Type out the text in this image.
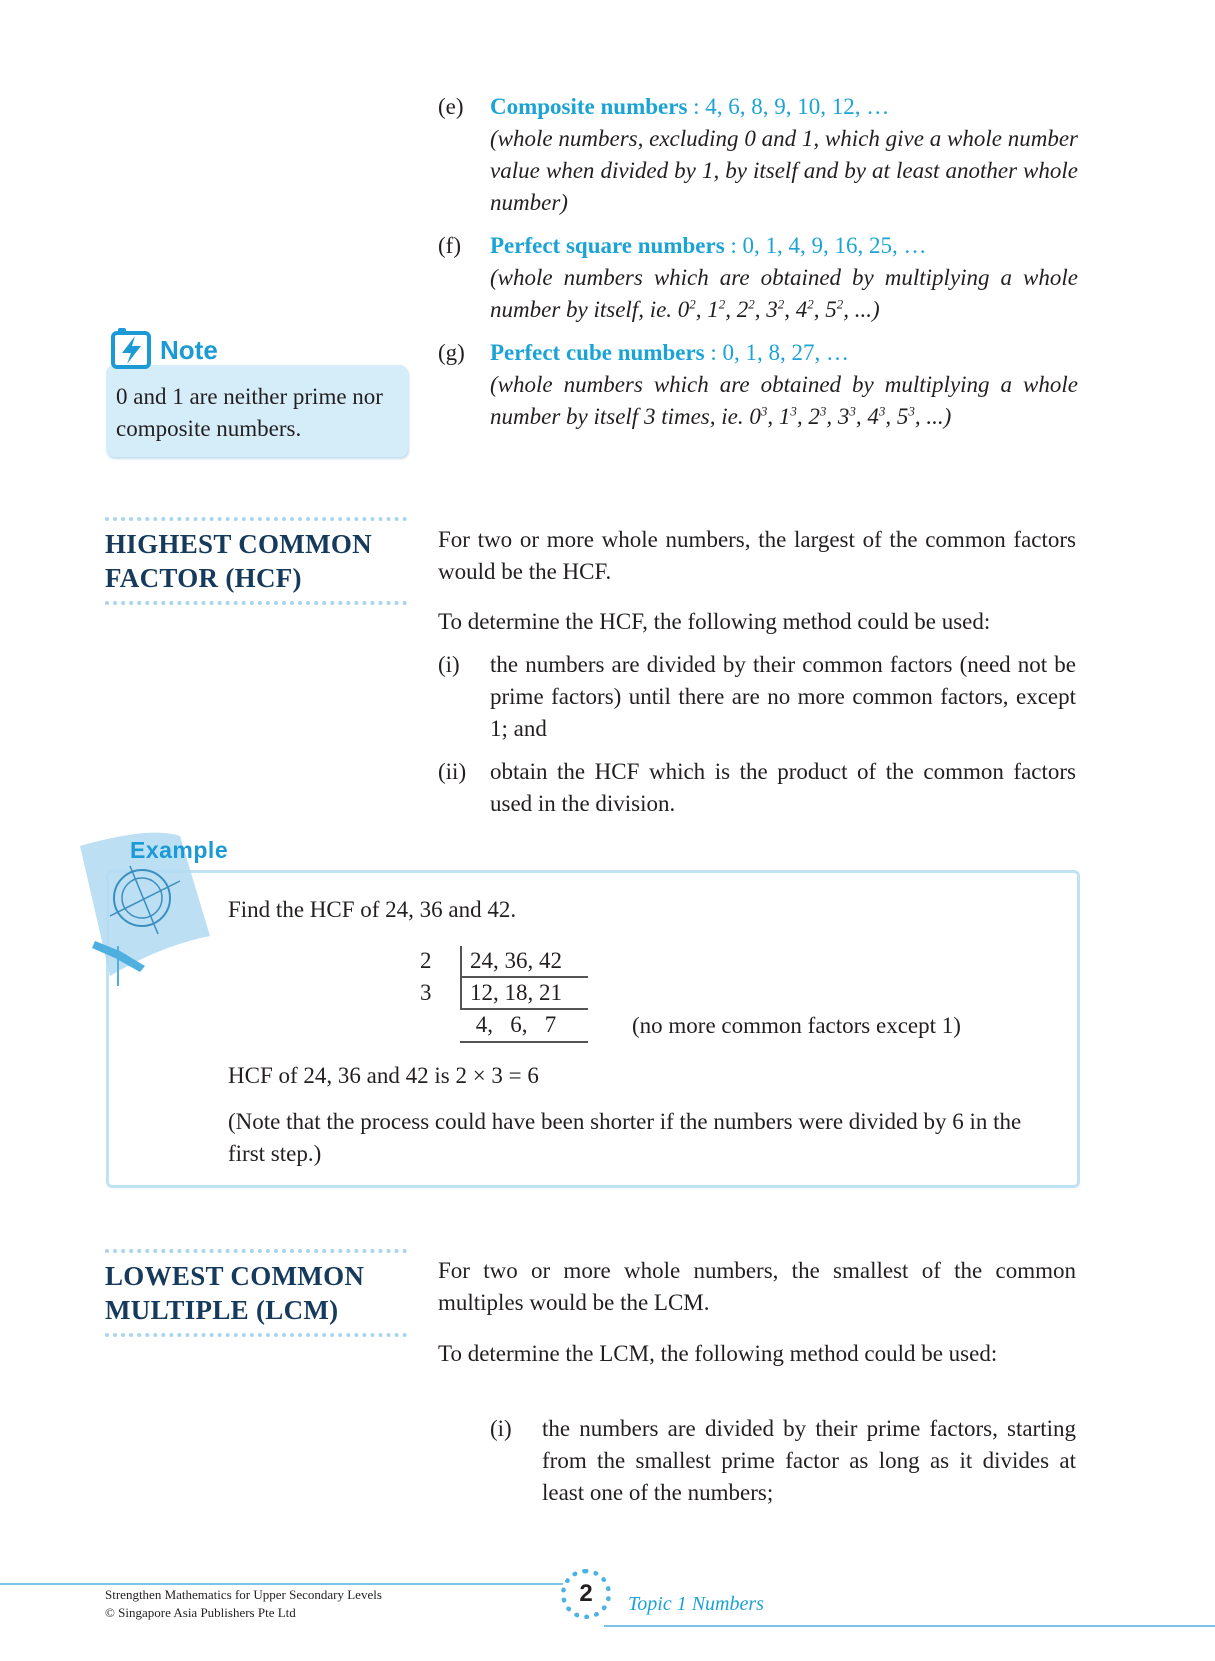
(e)	Composite numbers : 4, 6, 8, 9, 10, 12, …
(whole numbers, excluding 0 and 1, which give a whole number value when divided by 1, by itself and by at least another whole number)
(f)	Perfect square numbers : 0, 1, 4, 9, 16, 25, …
(whole numbers which are obtained by multiplying a whole number by itself, ie. $0^2$, $1^2$, $2^2$, $3^2$, $4^2$, $5^2$, ...)
(g)	Perfect cube numbers : 0, 1, 8, 27, …
(whole numbers which are obtained by multiplying a whole number by itself 3 times, ie. $0^3$, $1^3$, $2^3$, $3^3$, $4^3$, $5^3$, ...)
Note
0 and 1 are neither prime nor composite numbers.
HIGHEST COMMON
FACTOR (HCF)
For two or more whole numbers, the largest of the common factors would be the HCF.
To determine the HCF, the following method could be used:
(i)	the numbers are divided by their common factors (need not be prime factors) until there are no more common factors, except 1; and
(ii)	obtain the HCF which is the product of the common factors used in the division.
Example
Find the HCF of 24, 36 and 42.
2 24, 36, 42
3 12, 18, 21
4,   6,   7	(no more common factors except 1)
HCF of 24, 36 and 42 is 2 × 3 = 6
(Note that the process could have been shorter if the numbers were divided by 6 in the first step.)
LOWEST COMMON
MULTIPLE (LCM)
For two or more whole numbers, the smallest of the common multiples would be the LCM.
To determine the LCM, the following method could be used:
(i)	the numbers are divided by their prime factors, starting from the smallest prime factor as long as it divides at least one of the numbers;
Strengthen Mathematics for Upper Secondary Levels
© Singapore Asia Publishers Pte Ltd
2	Topic 1 Numbers
